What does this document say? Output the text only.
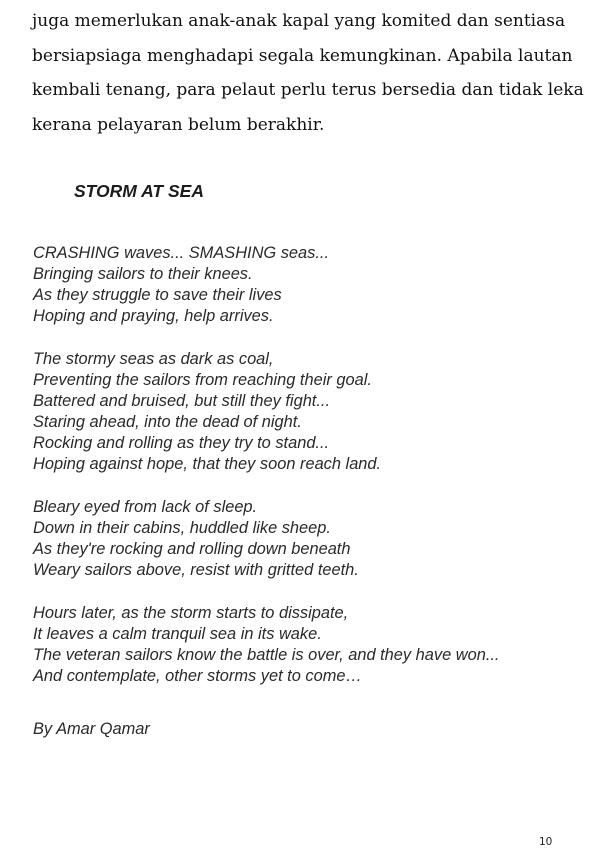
juga memerlukan anak-anak kapal yang komited dan sentiasa
bersiapsiaga menghadapi segala kemungkinan. Apabila lautan
kembali tenang, para pelaut perlu terus bersedia dan tidak leka
kerana pelayaran belum berakhir.
STORM AT SEA
CRASHING waves... SMASHING seas...
Bringing sailors to their knees.
As they struggle to save their lives
Hoping and praying, help arrives.
The stormy seas as dark as coal,
Preventing the sailors from reaching their goal.
Battered and bruised, but still they fight...
Staring ahead, into the dead of night.
Rocking and rolling as they try to stand...
Hoping against hope, that they soon reach land.
Bleary eyed from lack of sleep.
Down in their cabins, huddled like sheep.
As they're rocking and rolling down beneath
Weary sailors above, resist with gritted teeth.
Hours later, as the storm starts to dissipate,
It leaves a calm tranquil sea in its wake.
The veteran sailors know the battle is over, and they have won...
And contemplate, other storms yet to come…
By Amar Qamar
10
